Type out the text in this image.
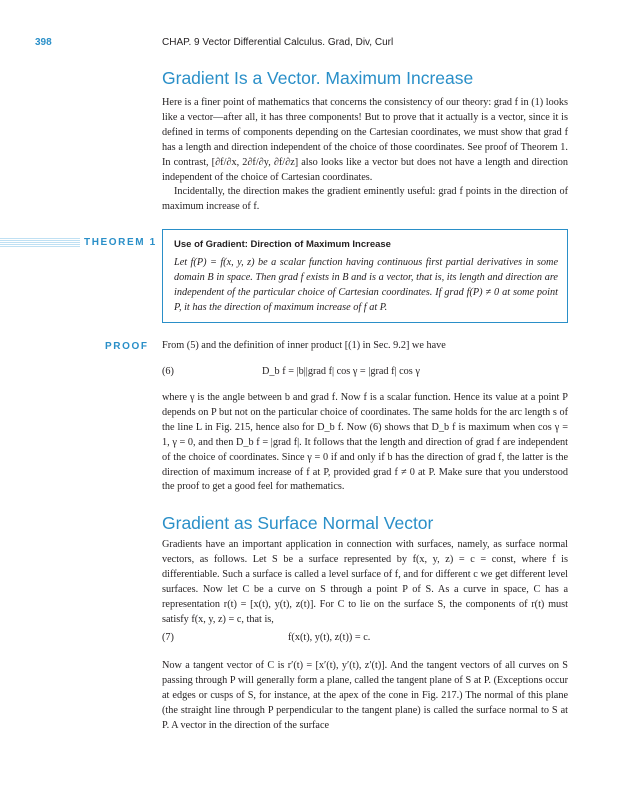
398	CHAP. 9 Vector Differential Calculus. Grad, Div, Curl
Gradient Is a Vector. Maximum Increase

Here is a finer point of mathematics that concerns the consistency of our theory: grad f in (1) looks like a vector—after all, it has three components! But to prove that it actually is a vector, since it is defined in terms of components depending on the Cartesian coordinates, we must show that grad f has a length and direction independent of the choice of those coordinates. See proof of Theorem 1. In contrast, [∂f/∂x, 2∂f/∂y, ∂f/∂z] also looks like a vector but does not have a length and direction independent of the choice of Cartesian coordinates.

Incidentally, the direction makes the gradient eminently useful: grad f points in the direction of maximum increase of f.

THEOREM 1	Use of Gradient: Direction of Maximum Increase
Let f(P) = f(x, y, z) be a scalar function having continuous first partial derivatives in some domain B in space. Then grad f exists in B and is a vector, that is, its length and direction are independent of the particular choice of Cartesian coordinates. If grad f(P) ≠ 0 at some point P, it has the direction of maximum increase of f at P.
PROOF From (5) and the definition of inner product [(1) in Sec. 9.2] we have
(6)	D_b f = |b||grad f| cos γ = |grad f| cos γ
where γ is the angle between b and grad f. Now f is a scalar function. Hence its value at a point P depends on P but not on the particular choice of coordinates. The same holds for the arc length s of the line L in Fig. 215, hence also for D_b f. Now (6) shows that D_b f is maximum when cos γ = 1, γ = 0, and then D_b f = |grad f|. It follows that the length and direction of grad f are independent of the choice of coordinates. Since γ = 0 if and only if b has the direction of grad f, the latter is the direction of maximum increase of f at P, provided grad f ≠ 0 at P. Make sure that you understood the proof to get a good feel for mathematics.
Gradient as Surface Normal Vector
Gradients have an important application in connection with surfaces, namely, as surface normal vectors, as follows. Let S be a surface represented by f(x, y, z) = c = const, where f is differentiable. Such a surface is called a level surface of f, and for different c we get different level surfaces. Now let C be a curve on S through a point P of S. As a curve in space, C has a representation r(t) = [x(t), y(t), z(t)]. For C to lie on the surface S, the components of r(t) must satisfy f(x, y, z) = c, that is,
(7)	f(x(t), y(t), z(t)) = c.
Now a tangent vector of C is r′(t) = [x′(t), y′(t), z′(t)]. And the tangent vectors of all curves on S passing through P will generally form a plane, called the tangent plane of S at P. (Exceptions occur at edges or cusps of S, for instance, at the apex of the cone in Fig. 217.) The normal of this plane (the straight line through P perpendicular to the tangent plane) is called the surface normal to S at P. A vector in the direction of the surface
